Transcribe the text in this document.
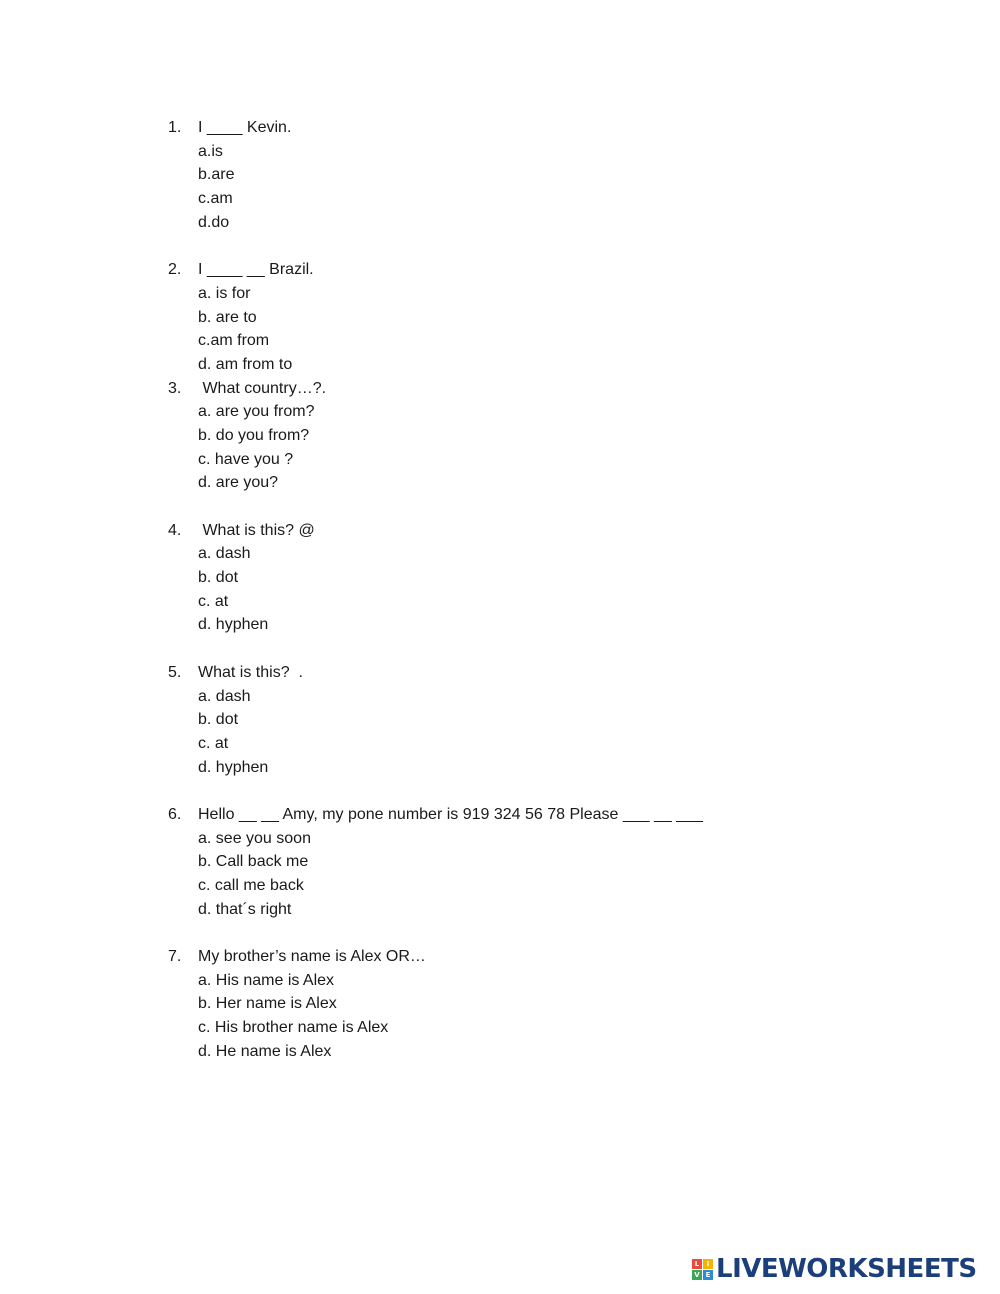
1. I ____ Kevin.
a.is
b.are
c.am
d.do
2. I ____ __ Brazil.
a. is for
b. are to
c.am from
d. am from to
3. What country…?.
a. are you from?
b. do you from?
c. have you ?
d. are you?
4. What is this? @
a. dash
b. dot
c. at
d. hyphen
5. What is this?  .
a. dash
b. dot
c. at
d. hyphen
6. Hello __ __ Amy, my pone number is 919 324 56 78 Please ___ __ ___
a. see you soon
b. Call back me
c. call me back
d. that´s right
7. My brother’s name is Alex OR…
a. His name is Alex
b. Her name is Alex
c. His brother name is Alex
d. He name is Alex
L	I
V E LIVEWORKSHEETS
